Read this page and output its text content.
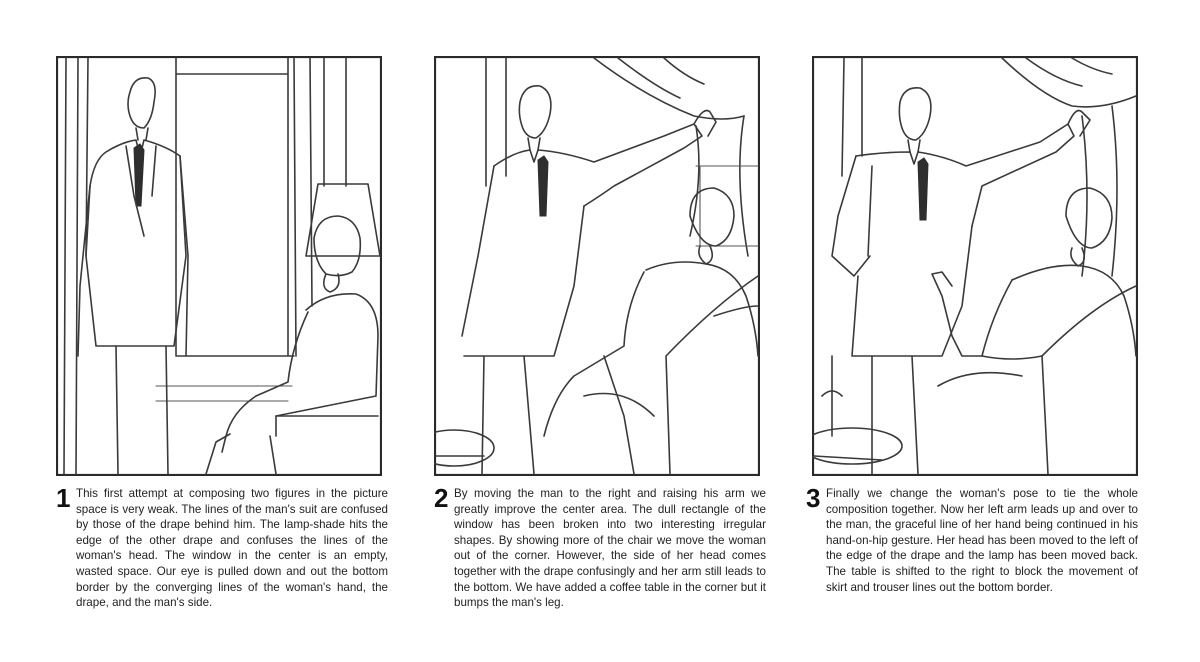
1 This first attempt at composing two figures in the picture space is very weak. The lines of the man's suit are confused by those of the drape behind him. The lamp-shade hits the edge of the other drape and confuses the lines of the woman's head. The window in the center is an empty, wasted space. Our eye is pulled down and out the bottom border by the converging lines of the woman's hand, the drape, and the man's side.

2 By moving the man to the right and raising his arm we greatly improve the center area. The dull rectangle of the window has been broken into two interesting irregular shapes. By showing more of the chair we move the woman out of the corner. However, the side of her head comes together with the drape confusingly and her arm still leads to the bottom. We have added a coffee table in the corner but it bumps the man's leg.

3 Finally we change the woman's pose to tie the whole composition together. Now her left arm leads up and over to the man, the graceful line of her hand being continued in his hand-on-hip gesture. Her head has been moved to the left of the edge of the drape and the lamp has been moved back. The table is shifted to the right to block the movement of skirt and trouser lines out the bottom border.
